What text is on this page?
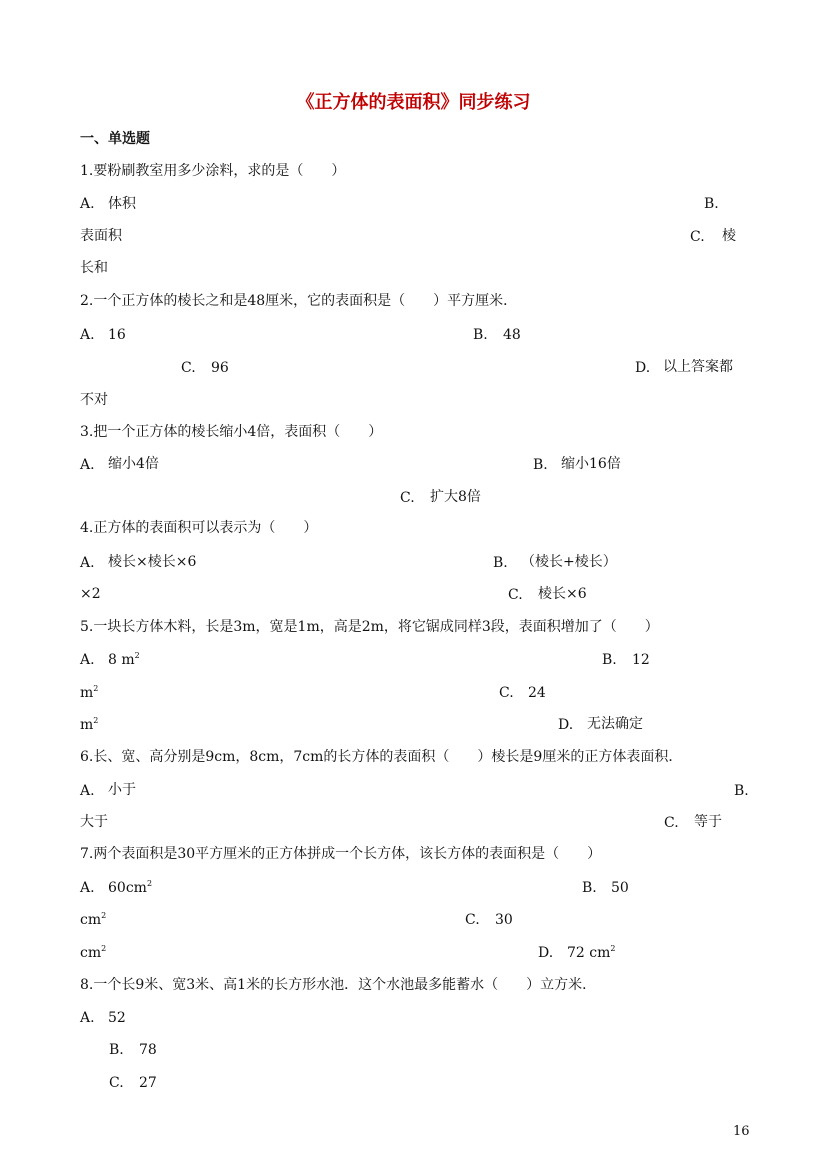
《正方体的表面积》同步练习
一、单选题
1.要粉刷教室用多少涂料，求的是（　　）
A. 体积	B.
表面积	C. 棱
长和
2.一个正方体的棱长之和是48厘米，它的表面积是（　　）平方厘米．
A. 16	B. 48
C. 96	D. 以上答案都
不对
3.把一个正方体的棱长缩小4倍，表面积（　　）
A. 缩小4倍	B. 缩小16倍
C. 扩大8倍
4.正方体的表面积可以表示为（　　）
A. 棱长×棱长×6	B. （棱长+棱长）
×2	C. 棱长×6
5.一块长方体木料，长是3m，宽是1m，高是2m，将它锯成同样3段，表面积增加了（　　）
A. 8 $m^2$	B. 12
$m^2$	C. 24
$m^2$	D. 无法确定
6.长、宽、高分别是9cm，8cm，7cm的长方体的表面积（　　）棱长是9厘米的正方体表面积．
A. 小于	B.
大于	C. 等于
7.两个表面积是30平方厘米的正方体拼成一个长方体，该长方体的表面积是（　　）
A. $60cm^2$	B. 50
$cm^2$	C. 30
$cm^2$	D. 72 $cm^2$
8.一个长9米、宽3米、高1米的长方形水池．这个水池最多能蓄水（　　）立方米．
A. 52
B. 78
C. 27
16
